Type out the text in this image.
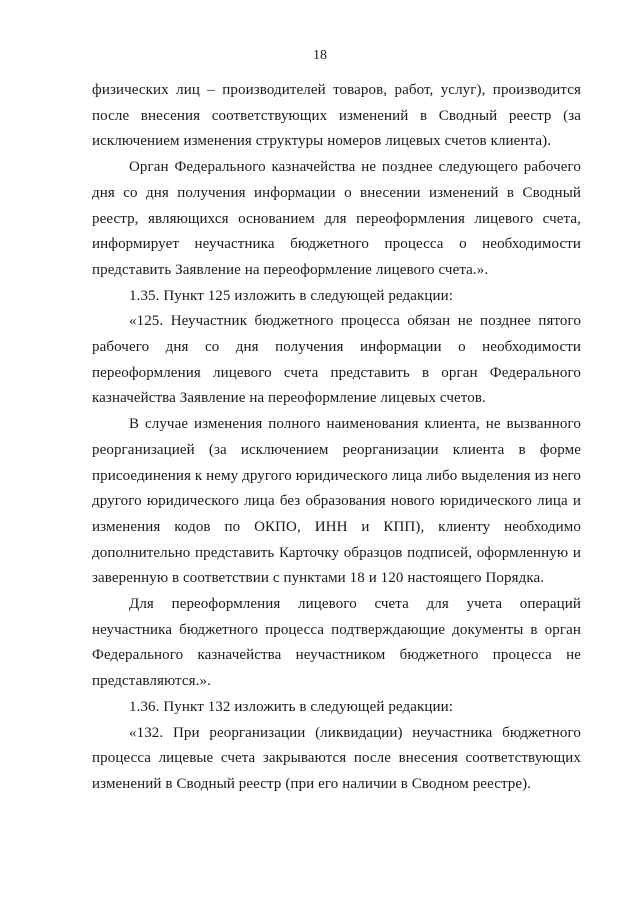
18

физических лиц – производителей товаров, работ, услуг), производится после внесения соответствующих изменений в Сводный реестр (за исключением изменения структуры номеров лицевых счетов клиента).

Орган Федерального казначейства не позднее следующего рабочего дня со дня получения информации о внесении изменений в Сводный реестр, являющихся основанием для переоформления лицевого счета, информирует неучастника бюджетного процесса о необходимости представить Заявление на переоформление лицевого счета.».

1.35. Пункт 125 изложить в следующей редакции:

«125. Неучастник бюджетного процесса обязан не позднее пятого рабочего дня со дня получения информации о необходимости переоформления лицевого счета представить в орган Федерального казначейства Заявление на переоформление лицевых счетов.

В случае изменения полного наименования клиента, не вызванного реорганизацией (за исключением реорганизации клиента в форме присоединения к нему другого юридического лица либо выделения из него другого юридического лица без образования нового юридического лица и изменения кодов по ОКПО, ИНН и КПП), клиенту необходимо дополнительно представить Карточку образцов подписей, оформленную и заверенную в соответствии с пунктами 18 и 120 настоящего Порядка.

Для переоформления лицевого счета для учета операций неучастника бюджетного процесса подтверждающие документы в орган Федерального казначейства неучастником бюджетного процесса не представляются.».

1.36. Пункт 132 изложить в следующей редакции:

«132. При реорганизации (ликвидации) неучастника бюджетного процесса лицевые счета закрываются после внесения соответствующих изменений в Сводный реестр (при его наличии в Сводном реестре).
